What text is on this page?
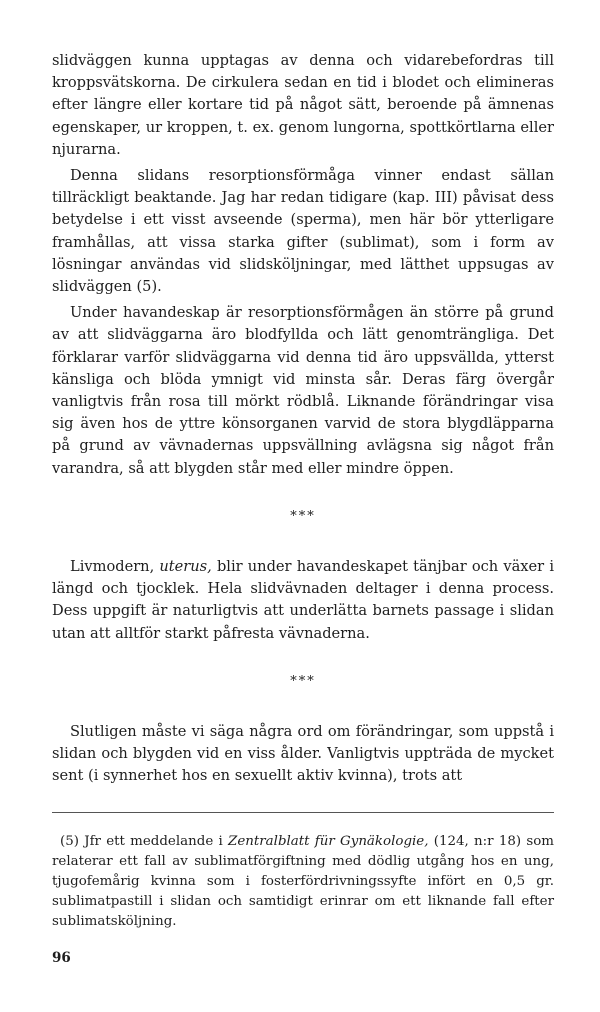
slidväggen kunna upptagas av denna och vidarebefordras till kroppsvätskorna. De cirkulera sedan en tid i blodet och elimineras efter längre eller kortare tid på något sätt, beroende på ämnenas egenskaper, ur kroppen, t. ex. genom lungorna, spottkörtlarna eller njurarna.

Denna slidans resorptionsförmåga vinner endast sällan tillräckligt beaktande. Jag har redan tidigare (kap. III) påvisat dess betydelse i ett visst avseende (sperma), men här bör ytterligare framhållas, att vissa starka gifter (sublimat), som i form av lösningar användas vid slidsköljningar, med lätthet uppsugas av slidväggen (5).

Under havandeskap är resorptionsförmågen än större på grund av att slidväggarna äro blodfyllda och lätt genomträngliga. Det förklarar varför slidväggarna vid denna tid äro uppsvällda, ytterst känsliga och blöda ymnigt vid minsta sår. Deras färg övergår vanligtvis från rosa till mörkt rödblå. Liknande förändringar visa sig även hos de yttre könsorganen varvid de stora blygdläpparna på grund av vävnadernas uppsvällning avlägsna sig något från varandra, så att blygden står med eller mindre öppen.

***

Livmodern, uterus, blir under havandeskapet tänjbar och växer i längd och tjocklek. Hela slidvävnaden deltager i denna process. Dess uppgift är naturligtvis att underlätta barnets passage i slidan utan att alltför starkt påfresta vävnaderna.

***

Slutligen måste vi säga några ord om förändringar, som uppstå i slidan och blygden vid en viss ålder. Vanligtvis uppträda de mycket sent (i synnerhet hos en sexuellt aktiv kvinna), trots att

(5) Jfr ett meddelande i Zentralblatt für Gynäkologie, (124, n:r 18) som relaterar ett fall av sublimatförgiftning med dödlig utgång hos en ung, tjugofemårig kvinna som i fosterfördrivningssyfte infört en 0,5 gr. sublimatpastill i slidan och samtidigt erinrar om ett liknande fall efter sublimatsköljning.

96
